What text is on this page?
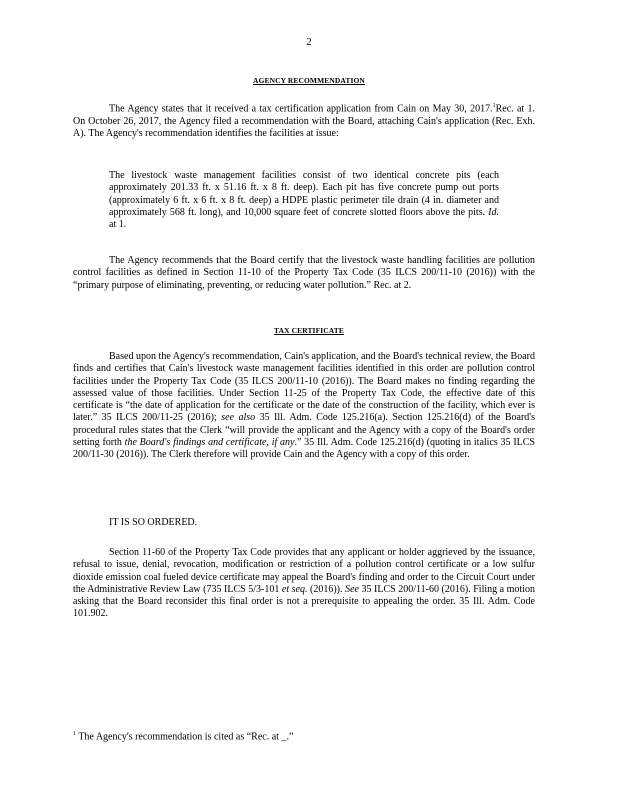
2
AGENCY RECOMMENDATION

The Agency states that it received a tax certification application from Cain on May 30, 2017.$^1$Rec. at 1. On October 26, 2017, the Agency filed a recommendation with the Board, attaching Cain's application (Rec. Exh. A). The Agency's recommendation identifies the facilities at issue:

The livestock waste management facilities consist of two identical concrete pits (each approximately 201.33 ft. x 51.16 ft. x 8 ft. deep). Each pit has five concrete pump out ports (approximately 6 ft. x 6 ft. x 8 ft. deep) a HDPE plastic perimeter tile drain (4 in. diameter and approximately 568 ft. long), and 10,000 square feet of concrete slotted floors above the pits. Id. at 1.

The Agency recommends that the Board certify that the livestock waste handling facilities are pollution control facilities as defined in Section 11-10 of the Property Tax Code (35 ILCS 200/11-10 (2016)) with the “primary purpose of eliminating, preventing, or reducing water pollution.” Rec. at 2.

TAX CERTIFICATE

Based upon the Agency's recommendation, Cain's application, and the Board's technical review, the Board finds and certifies that Cain's livestock waste management facilities identified in this order are pollution control facilities under the Property Tax Code (35 ILCS 200/11-10 (2016)). The Board makes no finding regarding the assessed value of those facilities. Under Section 11-25 of the Property Tax Code, the effective date of this certificate is “the date of application for the certificate or the date of the construction of the facility, which ever is later.” 35 ILCS 200/11-25 (2016); see also 35 Ill. Adm. Code 125.216(a). Section 125.216(d) of the Board's procedural rules states that the Clerk “will provide the applicant and the Agency with a copy of the Board's order setting forth the Board's findings and certificate, if any.” 35 Ill. Adm. Code 125.216(d) (quoting in italics 35 ILCS 200/11-30 (2016)). The Clerk therefore will provide Cain and the Agency with a copy of this order.

IT IS SO ORDERED.

Section 11-60 of the Property Tax Code provides that any applicant or holder aggrieved by the issuance, refusal to issue, denial, revocation, modification or restriction of a pollution control certificate or a low sulfur dioxide emission coal fueled device certificate may appeal the Board's finding and order to the Circuit Court under the Administrative Review Law (735 ILCS 5/3-101 et seq. (2016)). See 35 ILCS 200/11-60 (2016). Filing a motion asking that the Board reconsider this final order is not a prerequisite to appealing the order. 35 Ill. Adm. Code 101.902.

$^1$ The Agency's recommendation is cited as “Rec. at _.”
